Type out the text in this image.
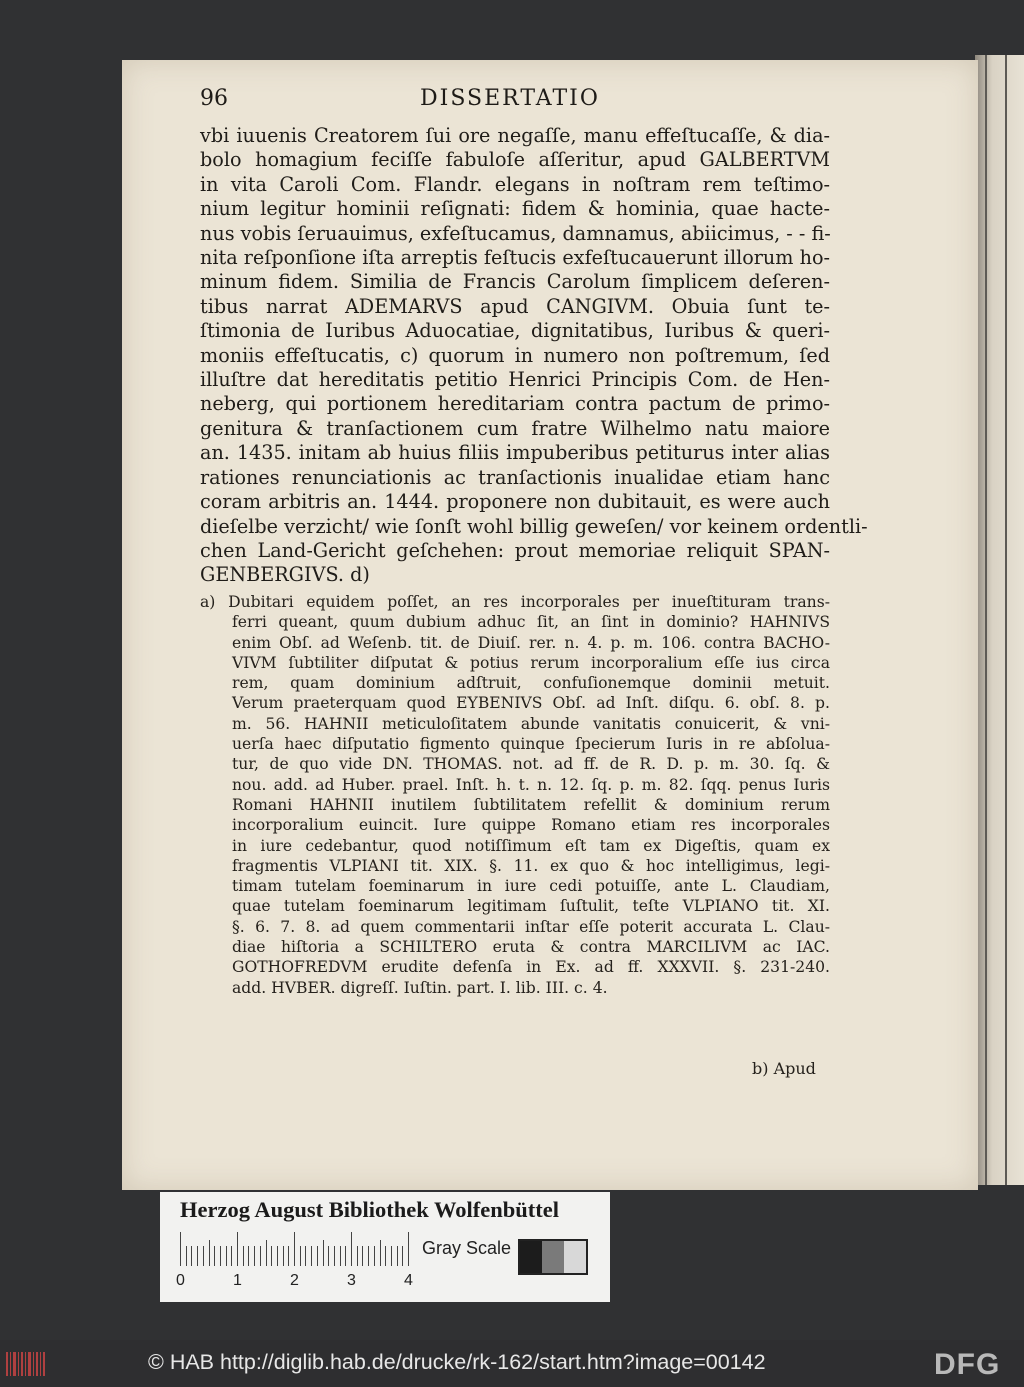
96	DISSERTATIO
vbi iuuenis Creatorem ſui ore negaſſe, manu effeſtucaſſe, & dia-
bolo homagium feciſſe fabuloſe aſſeritur, apud GALBERTVM
in vita Caroli Com. Flandr. elegans in noſtram rem teſtimo-
nium legitur hominii reſignati: fidem & hominia, quae hacte-
nus vobis ſeruauimus, exfeſtucamus, damnamus, abiicimus, - - fi-
nita reſponſione iſta arreptis feſtucis exfeſtucauerunt illorum ho-
minum fidem. Similia de Francis Carolum ſimplicem deſeren-
tibus narrat ADEMARVS apud CANGIVM. Obuia ſunt te-
ſtimonia de Iuribus Aduocatiae, dignitatibus, Iuribus & queri-
moniis effeſtucatis, c) quorum in numero non poſtremum, ſed
illuſtre dat hereditatis petitio Henrici Principis Com. de Hen-
neberg, qui portionem hereditariam contra pactum de primo-
genitura & tranſactionem cum fratre Wilhelmo natu maiore
an. 1435. initam ab huius filiis impuberibus petiturus inter alias
rationes renunciationis ac tranſactionis inualidae etiam hanc
coram arbitris an. 1444. proponere non dubitauit, es were auch
dieſelbe verzicht/ wie ſonſt wohl billig geweſen/ vor keinem ordentli-
chen Land-Gericht geſchehen: prout memoriae reliquit SPAN-
GENBERGIVS. d)
a) Dubitari equidem poſſet, an res incorporales per inueſtituram trans-
ferri queant, quum dubium adhuc ſit, an ſint in dominio? HAHNIVS
enim Obſ. ad Weſenb. tit. de Diuiſ. rer. n. 4. p. m. 106. contra BACHO-
VIVM ſubtiliter diſputat & potius rerum incorporalium eſſe ius circa
rem, quam dominium adſtruit, confuſionemque dominii metuit.
Verum praeterquam quod EYBENIVS Obſ. ad Inſt. diſqu. 6. obſ. 8. p.
m. 56. HAHNII meticuloſitatem abunde vanitatis conuicerit, & vni-
uerſa haec diſputatio figmento quinque ſpecierum Iuris in re abſolua-
tur, de quo vide DN. THOMAS. not. ad ff. de R. D. p. m. 30. ſq. &
nou. add. ad Huber. prael. Inſt. h. t. n. 12. ſq. p. m. 82. ſqq. penus Iuris
Romani HAHNII inutilem ſubtilitatem refellit & dominium rerum
incorporalium euincit. Iure quippe Romano etiam res incorporales
in iure cedebantur, quod notiſſimum eſt tam ex Digeſtis, quam ex
fragmentis VLPIANI tit. XIX. §. 11. ex quo & hoc intelligimus, legi-
timam tutelam foeminarum in iure cedi potuiſſe, ante L. Claudiam,
quae tutelam foeminarum legitimam ſuſtulit, teſte VLPIANO tit. XI.
§. 6. 7. 8. ad quem commentarii inſtar eſſe poterit accurata L. Clau-
diae hiſtoria a SCHILTERO eruta & contra MARCILIVM ac IAC.
GOTHOFREDVM erudite defenſa in Ex. ad ff. XXXVII. §. 231-240.
add. HVBER. digreſſ. Iuſtin. part. I. lib. III. c. 4.
b) Apud
Herzog August Bibliothek Wolfenbüttel
0	1	2	3	4
Gray Scale
© HAB http://diglib.hab.de/drucke/rk-162/start.htm?image=00142	DFG
